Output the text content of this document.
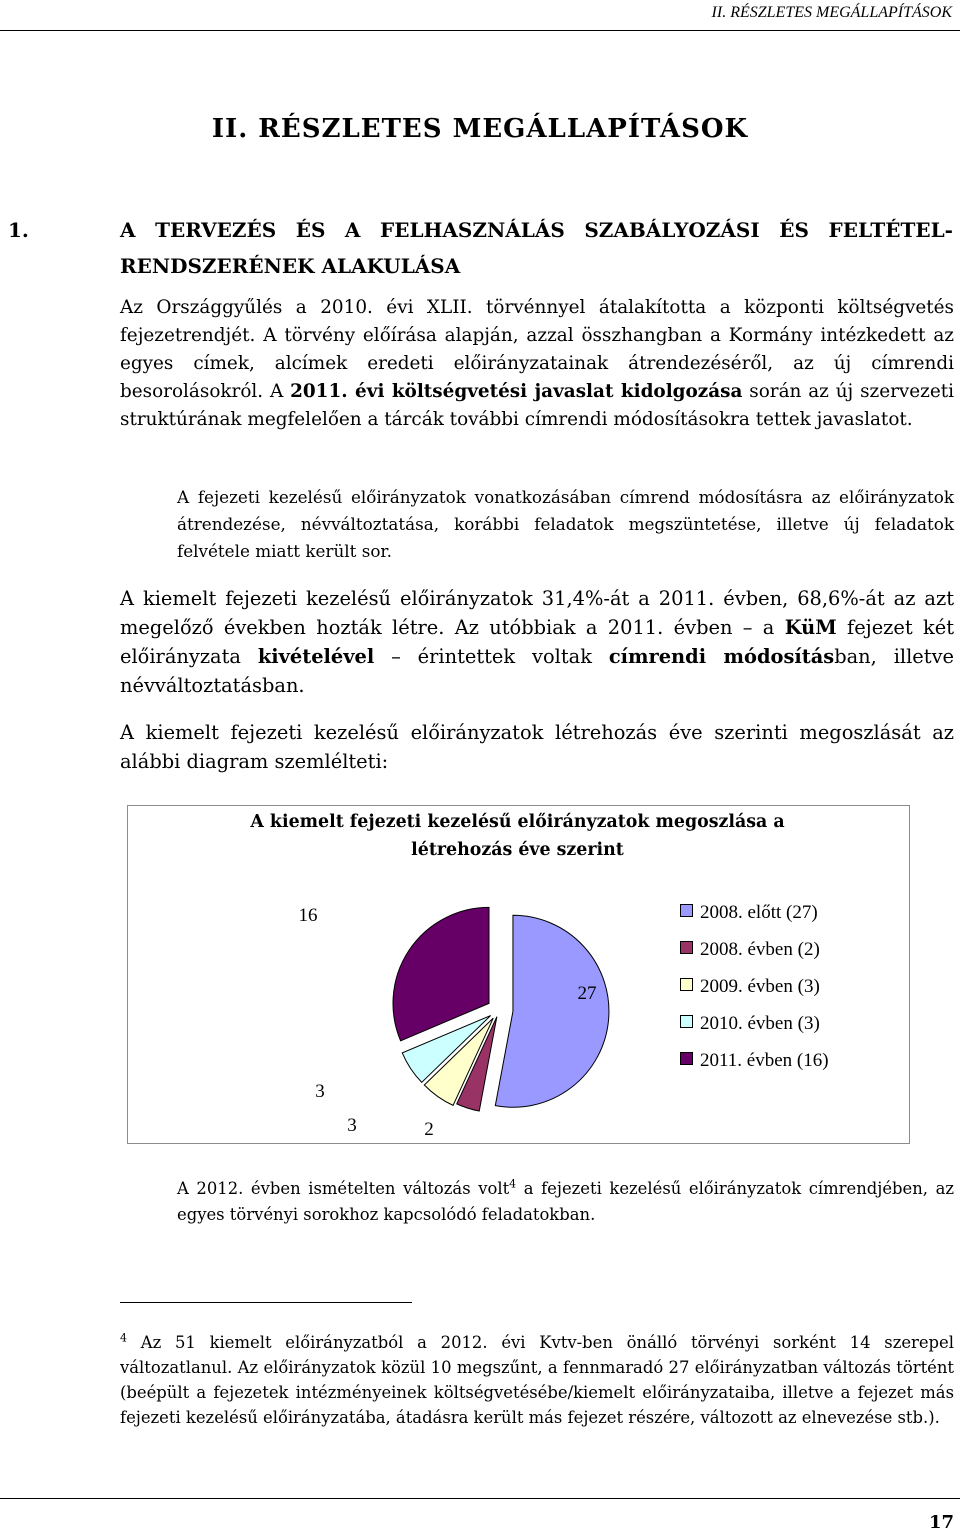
II. RÉSZLETES MEGÁLLAPÍTÁSOK
II. RÉSZLETES MEGÁLLAPÍTÁSOK
1.	A TERVEZÉS ÉS A FELHASZNÁLÁS SZABÁLYOZÁSI ÉS FELTÉTEL-
RENDSZERÉNEK ALAKULÁSA
Az Országgyűlés a 2010. évi XLII. törvénnyel átalakította a központi költségvetés fejezetrendjét. A törvény előírása alapján, azzal összhangban a Kormány intézkedett az egyes címek, alcímek eredeti előirányzatainak átrendezéséről, az új címrendi besorolásokról. A 2011. évi költségvetési javaslat kidolgozása során az új szervezeti struktúrának megfelelően a tárcák további címrendi módosításokra tettek javaslatot.
A fejezeti kezelésű előirányzatok vonatkozásában címrend módosításra az előirányzatok átrendezése, névváltoztatása, korábbi feladatok megszüntetése, illetve új feladatok felvétele miatt került sor.
A kiemelt fejezeti kezelésű előirányzatok 31,4%-át a 2011. évben, 68,6%-át az azt megelőző években hozták létre. Az utóbbiak a 2011. évben – a KüM fejezet két előirányzata kivételével – érintettek voltak címrendi módosításban, illetve névváltoztatásban.
A kiemelt fejezeti kezelésű előirányzatok létrehozás éve szerinti megoszlását az alábbi diagram szemlélteti:
A kiemelt fejezeti kezelésű előirányzatok megoszlása a
létrehozás éve szerint
27
2
3
3
16	2008. előtt (27)
2008. évben (2)
2009. évben (3)
2010. évben (3)
2011. évben (16)
A 2012. évben ismételten változás volt$^4$ a fejezeti kezelésű előirányzatok címrendjében, az egyes törvényi sorokhoz kapcsolódó feladatokban.
$^4$ Az 51 kiemelt előirányzatból a 2012. évi Kvtv-ben önálló törvényi sorként 14 szerepel változatlanul. Az előirányzatok közül 10 megszűnt, a fennmaradó 27 előirányzatban változás történt (beépült a fejezetek intézményeinek költségvetésébe/kiemelt előirányzataiba, illetve a fejezet más fejezeti kezelésű előirányzatába, átadásra került más fejezet részére, változott az elnevezése stb.).
17
